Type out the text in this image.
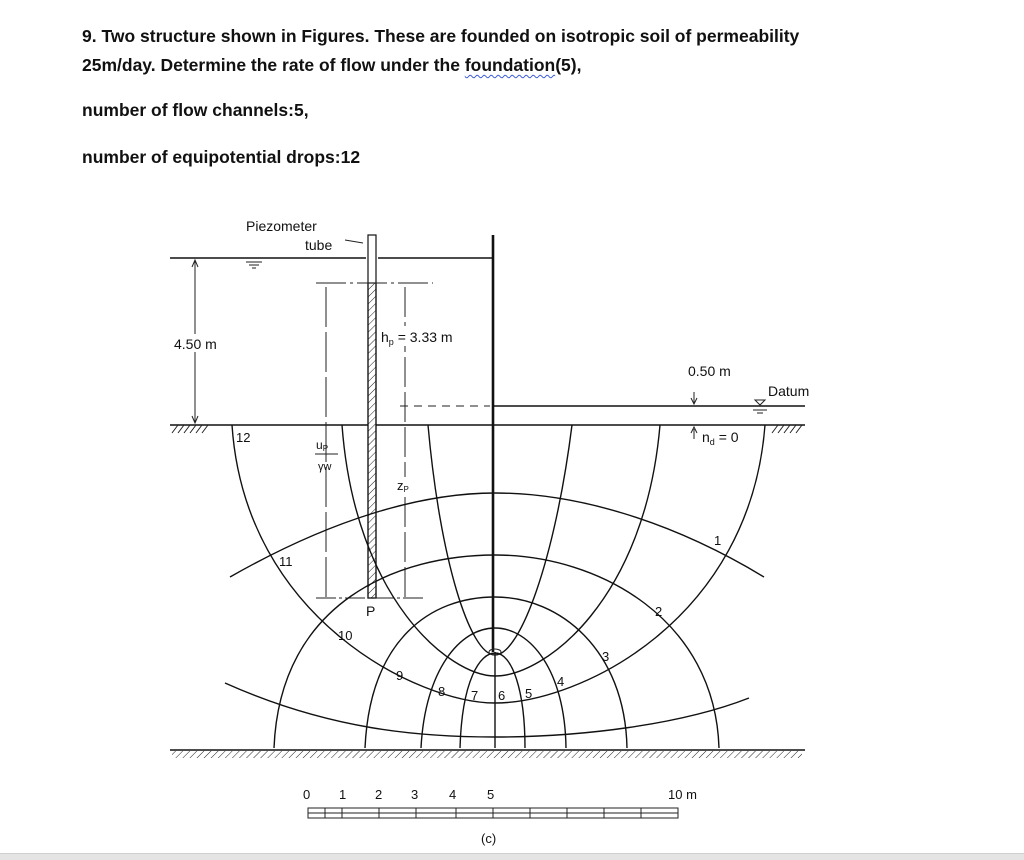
9. Two structure shown in Figures. These are founded on isotropic soil of permeability
25m/day. Determine the rate of flow under the foundation(5),
number of flow channels:5,
number of equipotential drops:12
4.50 m
Piezometer
tube
$h_p = 3.33$ m
uP
γw
zP
0.50 m
Datum
$n_d = 0$
12
11
10
9
8 7 6 5
4
3
2
1
P
0 1 2 3 4 5	10 m
(c)
